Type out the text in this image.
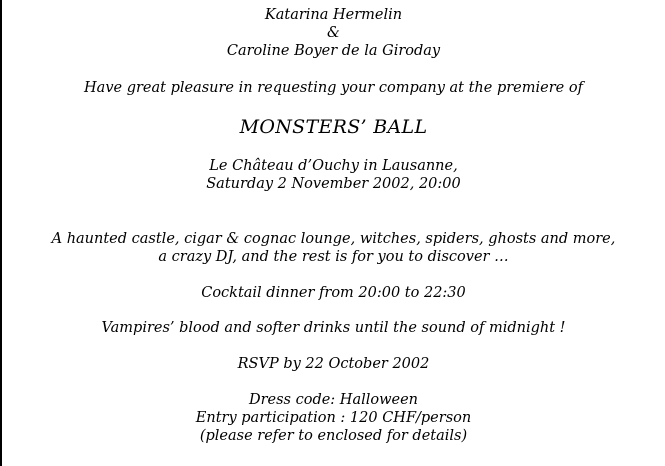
Katarina Hermelin
&
Caroline Boyer de la Giroday
Have great pleasure in requesting your company at the premiere of
MONSTERS’ BALL
Le Château d’Ouchy in Lausanne,
Saturday 2 November 2002, 20:00
A haunted castle, cigar & cognac lounge, witches, spiders, ghosts and more,
a crazy DJ, and the rest is for you to discover …
Cocktail dinner from 20:00 to 22:30
Vampires’ blood and softer drinks until the sound of midnight !
RSVP by 22 October 2002
Dress code: Halloween
Entry participation : 120 CHF/person
(please refer to enclosed for details)
